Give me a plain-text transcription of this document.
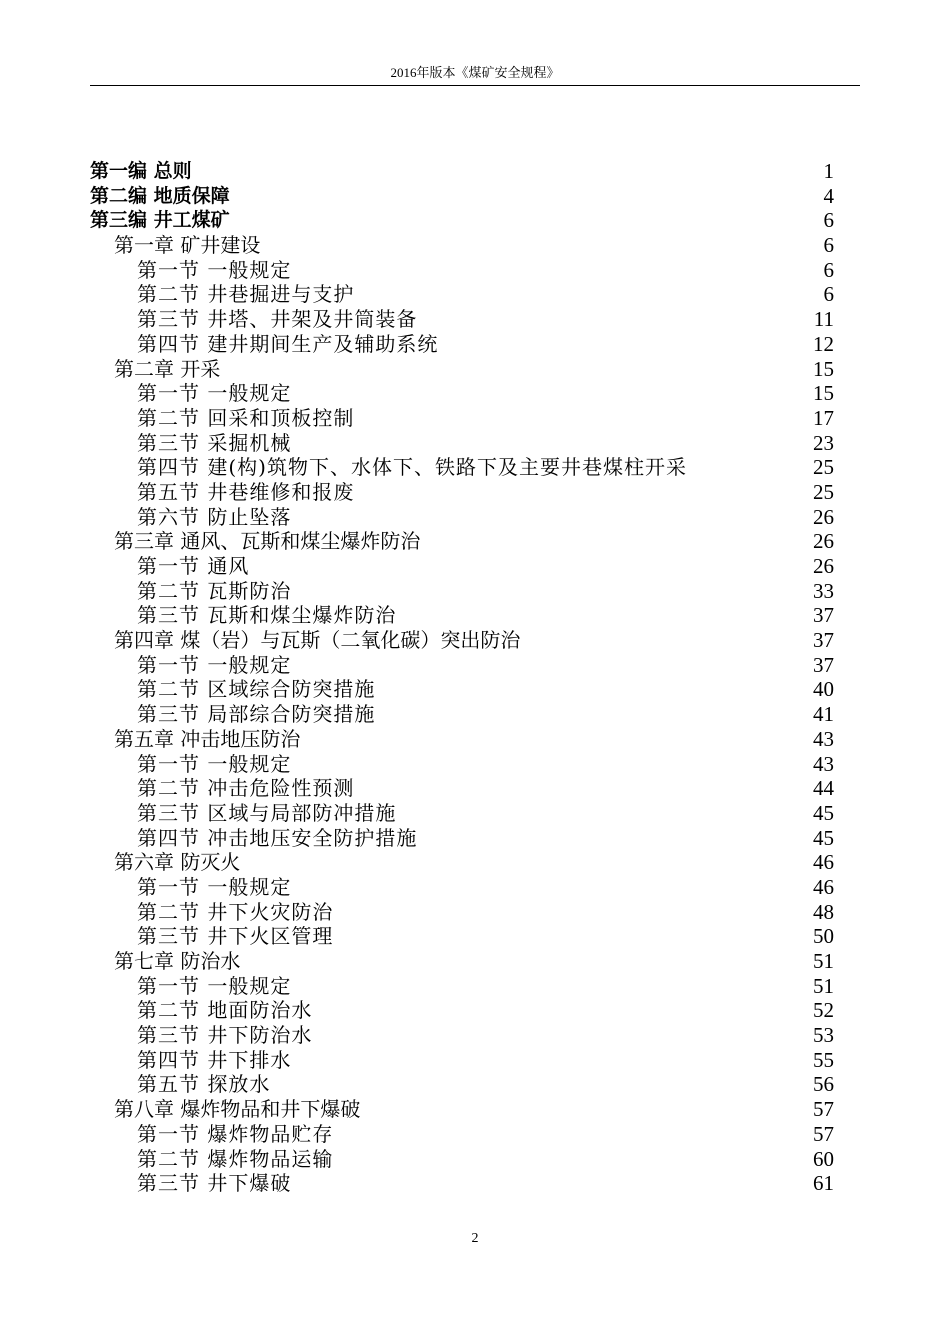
2016年版本《煤矿安全规程》
第一编 总则	1
第二编 地质保障	4
第三编 井工煤矿	6
第一章 矿井建设	6
第一节 一般规定	6
第二节 井巷掘进与支护	6
第三节 井塔、井架及井筒装备	11
第四节 建井期间生产及辅助系统	12
第二章 开采	15
第一节 一般规定	15
第二节 回采和顶板控制	17
第三节 采掘机械	23
第四节 建(构)筑物下、水体下、铁路下及主要井巷煤柱开采	25
第五节 井巷维修和报废	25
第六节 防止坠落	26
第三章 通风、瓦斯和煤尘爆炸防治	26
第一节 通风	26
第二节 瓦斯防治	33
第三节 瓦斯和煤尘爆炸防治	37
第四章 煤（岩）与瓦斯（二氧化碳）突出防治	37
第一节 一般规定	37
第二节 区域综合防突措施	40
第三节 局部综合防突措施	41
第五章 冲击地压防治	43
第一节 一般规定	43
第二节 冲击危险性预测	44
第三节 区域与局部防冲措施	45
第四节 冲击地压安全防护措施	45
第六章 防灭火	46
第一节 一般规定	46
第二节 井下火灾防治	48
第三节 井下火区管理	50
第七章 防治水	51
第一节 一般规定	51
第二节 地面防治水	52
第三节 井下防治水	53
第四节 井下排水	55
第五节 探放水	56
第八章 爆炸物品和井下爆破	57
第一节 爆炸物品贮存	57
第二节 爆炸物品运输	60
第三节 井下爆破	61
2
